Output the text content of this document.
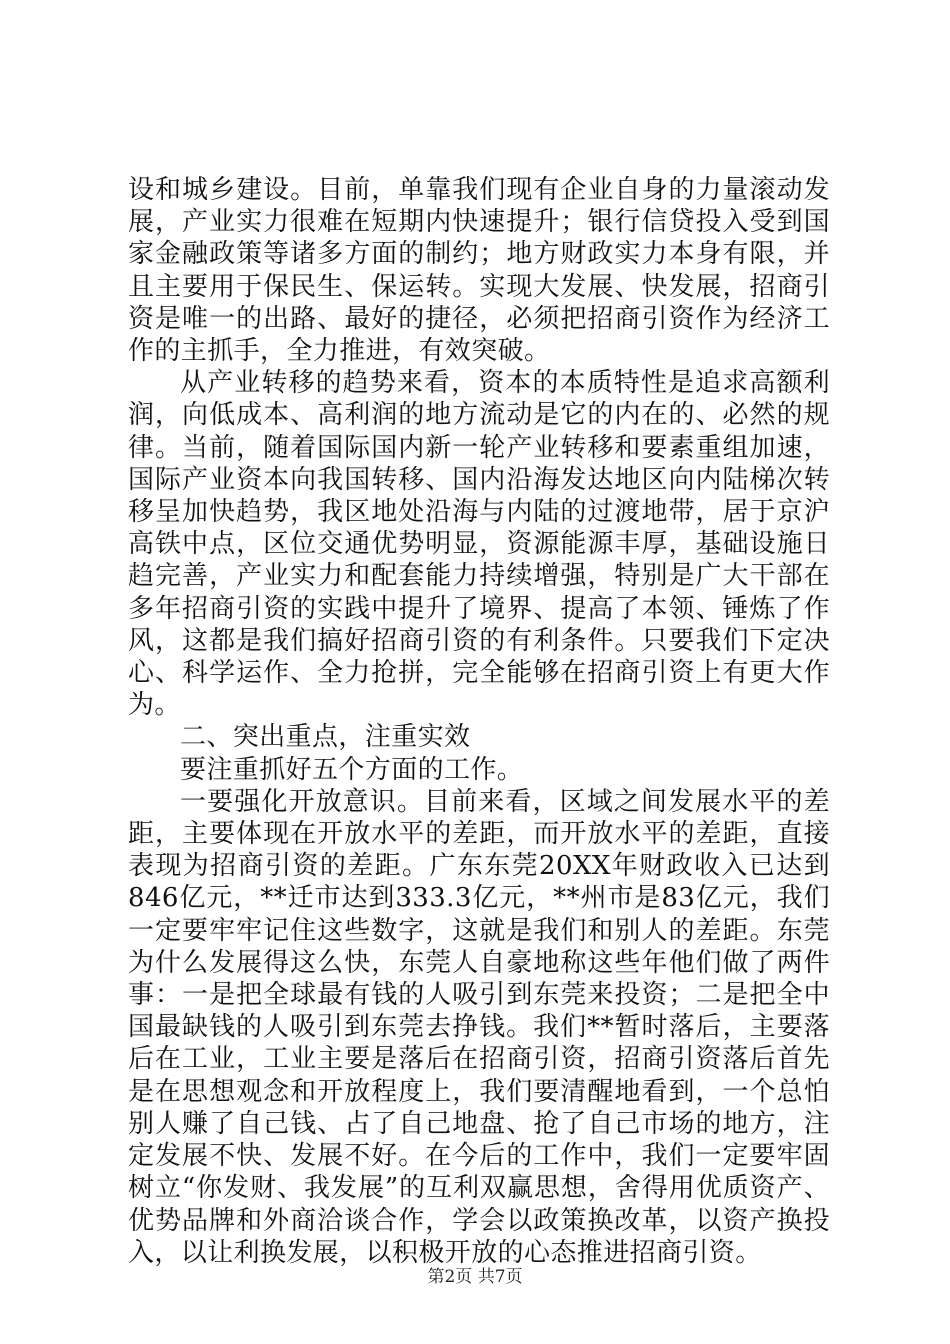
设和城乡建设。目前，单靠我们现有企业自身的力量滚动发展，产业实力很难在短期内快速提升；银行信贷投入受到国家金融政策等诸多方面的制约；地方财政实力本身有限，并且主要用于保民生、保运转。实现大发展、快发展，招商引资是唯一的出路、最好的捷径，必须把招商引资作为经济工作的主抓手，全力推进，有效突破。

从产业转移的趋势来看，资本的本质特性是追求高额利润，向低成本、高利润的地方流动是它的内在的、必然的规律。当前，随着国际国内新一轮产业转移和要素重组加速，国际产业资本向我国转移、国内沿海发达地区向内陆梯次转移呈加快趋势，我区地处沿海与内陆的过渡地带，居于京沪高铁中点，区位交通优势明显，资源能源丰厚，基础设施日趋完善，产业实力和配套能力持续增强，特别是广大干部在多年招商引资的实践中提升了境界、提高了本领、锤炼了作风，这都是我们搞好招商引资的有利条件。只要我们下定决心、科学运作、全力抢拼，完全能够在招商引资上有更大作为。

二、突出重点，注重实效

要注重抓好五个方面的工作。

一要强化开放意识。目前来看，区域之间发展水平的差距，主要体现在开放水平的差距，而开放水平的差距，直接表现为招商引资的差距。广东东莞20XX年财政收入已达到846亿元，**迁市达到333.3亿元，**州市是83亿元，我们一定要牢牢记住这些数字，这就是我们和别人的差距。东莞为什么发展得这么快，东莞人自豪地称这些年他们做了两件事：一是把全球最有钱的人吸引到东莞来投资；二是把全中国最缺钱的人吸引到东莞去挣钱。我们**暂时落后，主要落后在工业，工业主要是落后在招商引资，招商引资落后首先是在思想观念和开放程度上，我们要清醒地看到，一个总怕别人赚了自己钱、占了自己地盘、抢了自己市场的地方，注定发展不快、发展不好。在今后的工作中，我们一定要牢固树立“你发财、我发展”的互利双赢思想，舍得用优质资产、优势品牌和外商洽谈合作，学会以政策换改革，以资产换投入，以让利换发展，以积极开放的心态推进招商引资。

第2页 共7页
